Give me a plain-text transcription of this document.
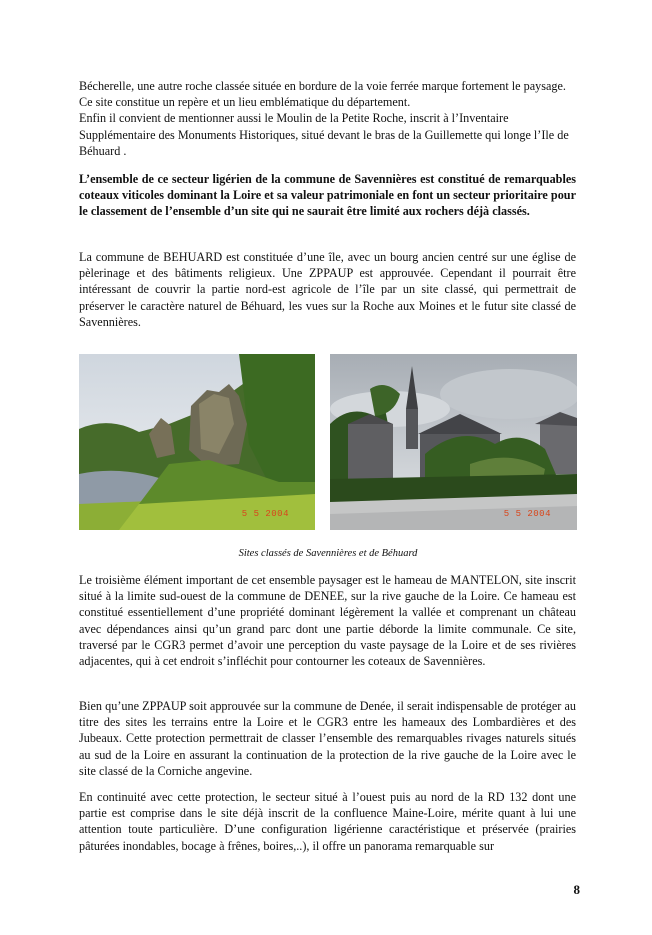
Bécherelle, une autre roche classée située en bordure de la voie ferrée marque fortement le paysage. Ce site constitue un repère et un lieu emblématique du département.

Enfin il convient de mentionner aussi le Moulin de la Petite Roche, inscrit à l’Inventaire Supplémentaire des Monuments Historiques, situé devant le bras de la Guillemette qui longe l’Ile de Béhuard .

L’ensemble de ce secteur ligérien de la commune de Savennières est constitué de remarquables coteaux viticoles dominant la Loire et sa valeur patrimoniale en font un secteur prioritaire pour le classement de l’ensemble d’un site qui ne saurait être limité aux rochers déjà classés.

La commune de BEHUARD est constituée d’une île, avec un bourg ancien centré sur une église de pèlerinage et des bâtiments religieux. Une ZPPAUP est approuvée. Cependant il pourrait être intéressant de couvrir la partie nord-est agricole de l’île par un site classé, qui permettrait de préserver le caractère naturel de Béhuard, les vues sur la Roche aux Moines et le futur site classé de Savennières.

5 5 2004	5 5 2004
Sites classés de Savennières et de Béhuard

Le troisième élément important de cet ensemble paysager est le hameau de MANTELON, site inscrit situé à la limite sud-ouest de la commune de DENEE, sur la rive gauche de la Loire. Ce hameau est constitué essentiellement d’une propriété dominant légèrement la vallée et comprenant un château avec dépendances ainsi qu’un grand parc dont une partie déborde la limite communale. Ce site, traversé par le CGR3 permet d’avoir une perception du vaste paysage de la Loire et de ses rivières adjacentes, qui à cet endroit s’infléchit pour contourner les coteaux de Savennières.

Bien qu’une ZPPAUP soit approuvée sur la commune de Denée, il serait indispensable de protéger au titre des sites les terrains entre la Loire et le CGR3 entre les hameaux des Lombardières et des Jubeaux. Cette protection permettrait de classer l’ensemble des remarquables rivages naturels situés au sud de la Loire en assurant la continuation de la protection de la rive gauche de la Loire avec le site classé de la Corniche angevine.

En continuité avec cette protection, le secteur situé à l’ouest puis au nord de la RD 132 dont une partie est comprise dans le site déjà inscrit de la confluence Maine-Loire, mérite quant à lui une attention toute particulière. D’une configuration ligérienne caractéristique et préservée (prairies pâturées inondables, bocage à frênes, boires,..), il offre un panorama remarquable sur

8
